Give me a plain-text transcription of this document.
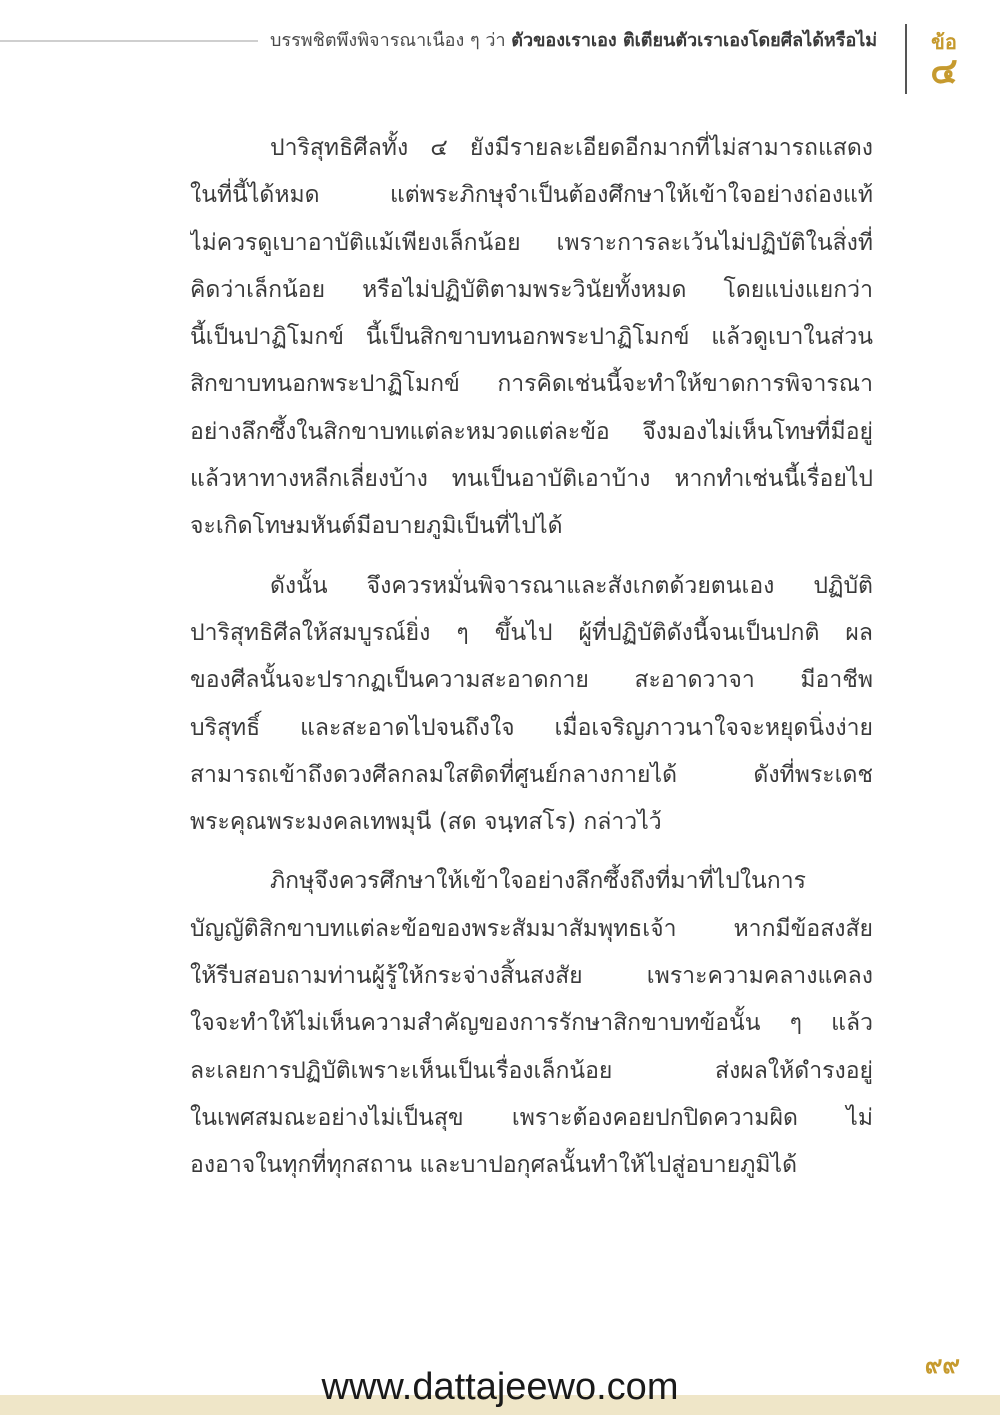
บรรพชิตพึงพิจารณาเนือง ๆ ว่า ตัวของเราเอง ติเตียนตัวเราเองโดยศีลได้หรือไม่	ข้อ
๔
ปาริสุทธิศีลทั้ง ๔ ยังมีรายละเอียดอีกมากที่ไม่สามารถแสดง
ในที่นี้ได้หมด แต่พระภิกษุจำเป็นต้องศึกษาให้เข้าใจอย่างถ่องแท้
ไม่ควรดูเบาอาบัติแม้เพียงเล็กน้อย เพราะการละเว้นไม่ปฏิบัติในสิ่งที่
คิดว่าเล็กน้อย หรือไม่ปฏิบัติตามพระวินัยทั้งหมด โดยแบ่งแยกว่า
นี้เป็นปาฏิโมกข์ นี้เป็นสิกขาบทนอกพระปาฏิโมกข์ แล้วดูเบาในส่วน
สิกขาบทนอกพระปาฏิโมกข์ การคิดเช่นนี้จะทำให้ขาดการพิจารณา
อย่างลึกซึ้งในสิกขาบทแต่ละหมวดแต่ละข้อ จึงมองไม่เห็นโทษที่มีอยู่
แล้วหาทางหลีกเลี่ยงบ้าง ทนเป็นอาบัติเอาบ้าง หากทำเช่นนี้เรื่อยไป
จะเกิดโทษมหันต์มีอบายภูมิเป็นที่ไปได้
ดังนั้น จึงควรหมั่นพิจารณาและสังเกตด้วยตนเอง ปฏิบัติ
ปาริสุทธิศีลให้สมบูรณ์ยิ่ง ๆ ขึ้นไป ผู้ที่ปฏิบัติดังนี้จนเป็นปกติ ผล
ของศีลนั้นจะปรากฏเป็นความสะอาดกาย สะอาดวาจา มีอาชีพ
บริสุทธิ์ และสะอาดไปจนถึงใจ เมื่อเจริญภาวนาใจจะหยุดนิ่งง่าย
สามารถเข้าถึงดวงศีลกลมใสติดที่ศูนย์กลางกายได้ ดังที่พระเดช
พระคุณพระมงคลเทพมุนี (สด จนฺทสโร) กล่าวไว้
ภิกษุจึงควรศึกษาให้เข้าใจอย่างลึกซึ้งถึงที่มาที่ไปในการ
บัญญัติสิกขาบทแต่ละข้อของพระสัมมาสัมพุทธเจ้า หากมีข้อสงสัย
ให้รีบสอบถามท่านผู้รู้ให้กระจ่างสิ้นสงสัย เพราะความคลางแคลง
ใจจะทำให้ไม่เห็นความสำคัญของการรักษาสิกขาบทข้อนั้น ๆ แล้ว
ละเลยการปฏิบัติเพราะเห็นเป็นเรื่องเล็กน้อย ส่งผลให้ดำรงอยู่
ในเพศสมณะอย่างไม่เป็นสุข เพราะต้องคอยปกปิดความผิด ไม่
องอาจในทุกที่ทุกสถาน และบาปอกุศลนั้นทำให้ไปสู่อบายภูมิได้
๙๙
www.dattajeewo.com
